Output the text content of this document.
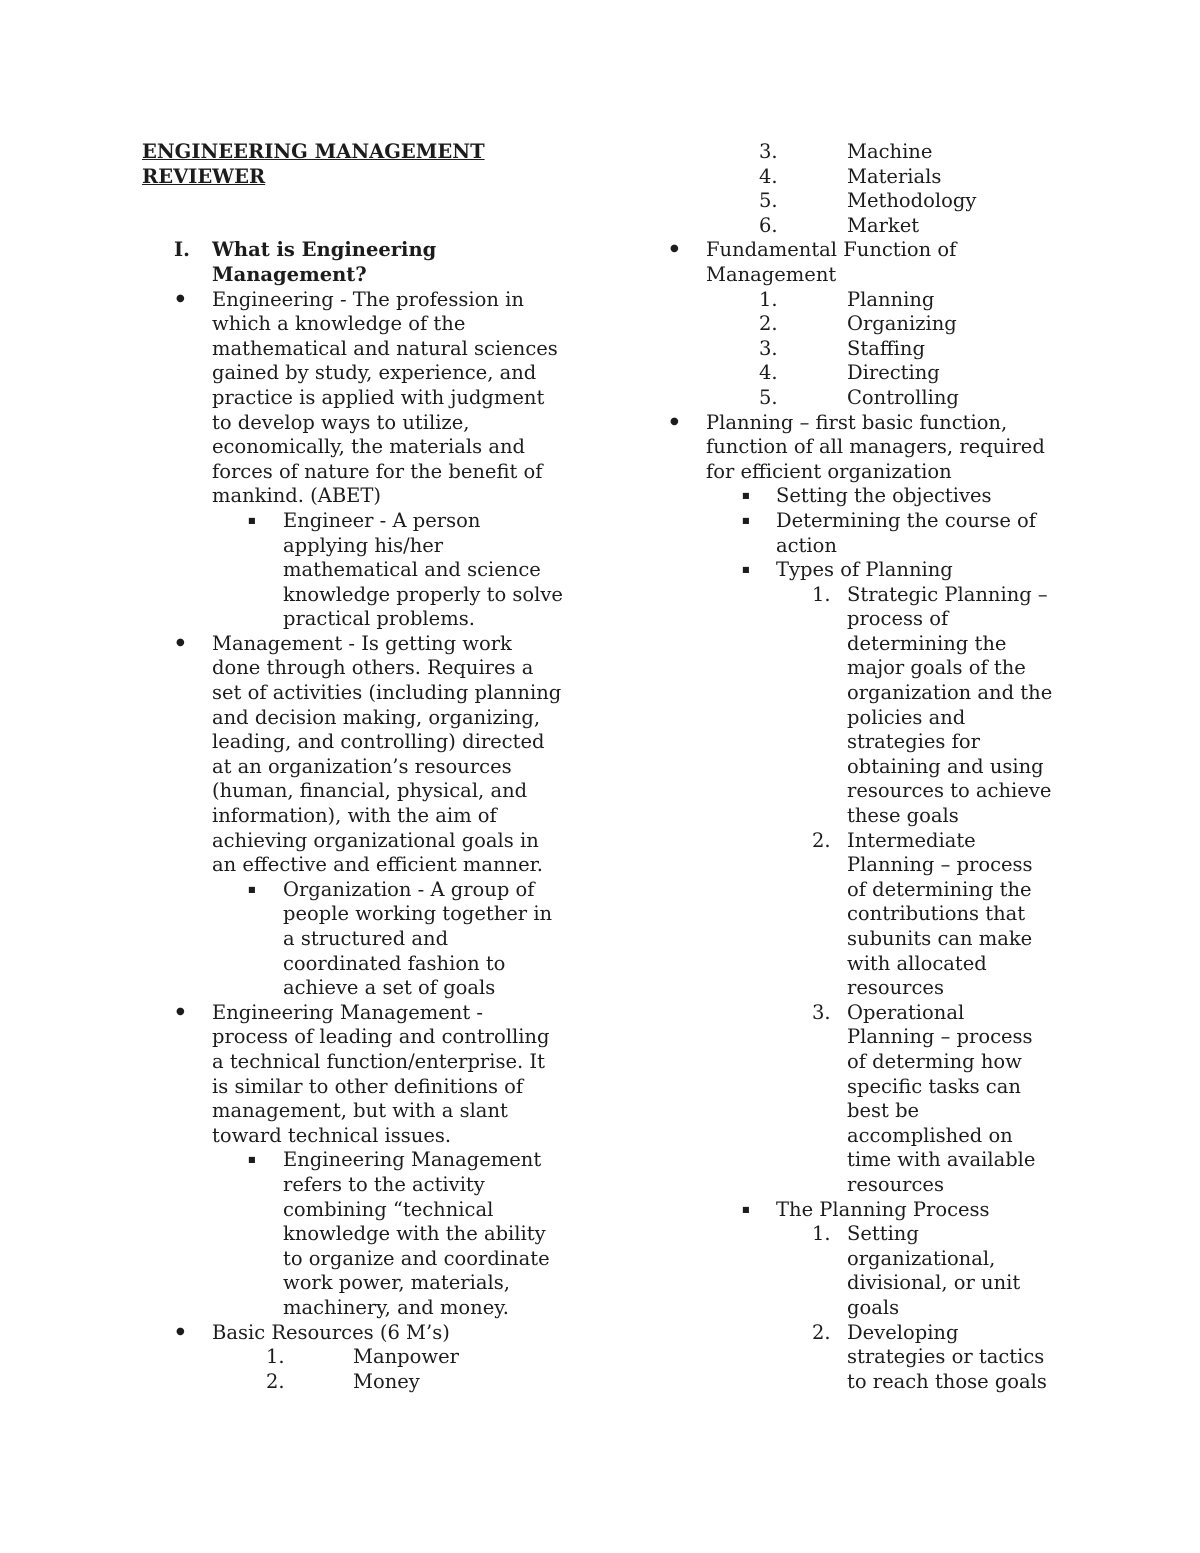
ENGINEERING MANAGEMENT
REVIEWER
I. What is Engineering
Management?
Engineering - The profession in
which a knowledge of the
mathematical and natural sciences
gained by study, experience, and
practice is applied with judgment
to develop ways to utilize,
economically, the materials and
forces of nature for the benefit of
mankind. (ABET)
Engineer - A person
applying his/her
mathematical and science
knowledge properly to solve
practical problems.
Management - Is getting work
done through others. Requires a
set of activities (including planning
and decision making, organizing,
leading, and controlling) directed
at an organization’s resources
(human, financial, physical, and
information), with the aim of
achieving organizational goals in
an effective and efficient manner.
Organization - A group of
people working together in
a structured and
coordinated fashion to
achieve a set of goals
Engineering Management -
process of leading and controlling
a technical function/enterprise. It
is similar to other definitions of
management, but with a slant
toward technical issues.
Engineering Management
refers to the activity
combining “technical
knowledge with the ability
to organize and coordinate
work power, materials,
machinery, and money.
Basic Resources (6 M’s)
1.	Manpower
2.	Money
3.	Machine
4.	Materials
5.	Methodology
6.	Market
Fundamental Function of
Management
1.	Planning
2.	Organizing
3.	Staffing
4.	Directing
5.	Controlling
Planning – first basic function,
function of all managers, required
for efficient organization
Setting the objectives
Determining the course of
action
Types of Planning
1. Strategic Planning –
process of
determining the
major goals of the
organization and the
policies and
strategies for
obtaining and using
resources to achieve
these goals
2. Intermediate
Planning – process
of determining the
contributions that
subunits can make
with allocated
resources
3. Operational
Planning – process
of determing how
specific tasks can
best be
accomplished on
time with available
resources
The Planning Process
1. Setting
organizational,
divisional, or unit
goals
2. Developing
strategies or tactics
to reach those goals
